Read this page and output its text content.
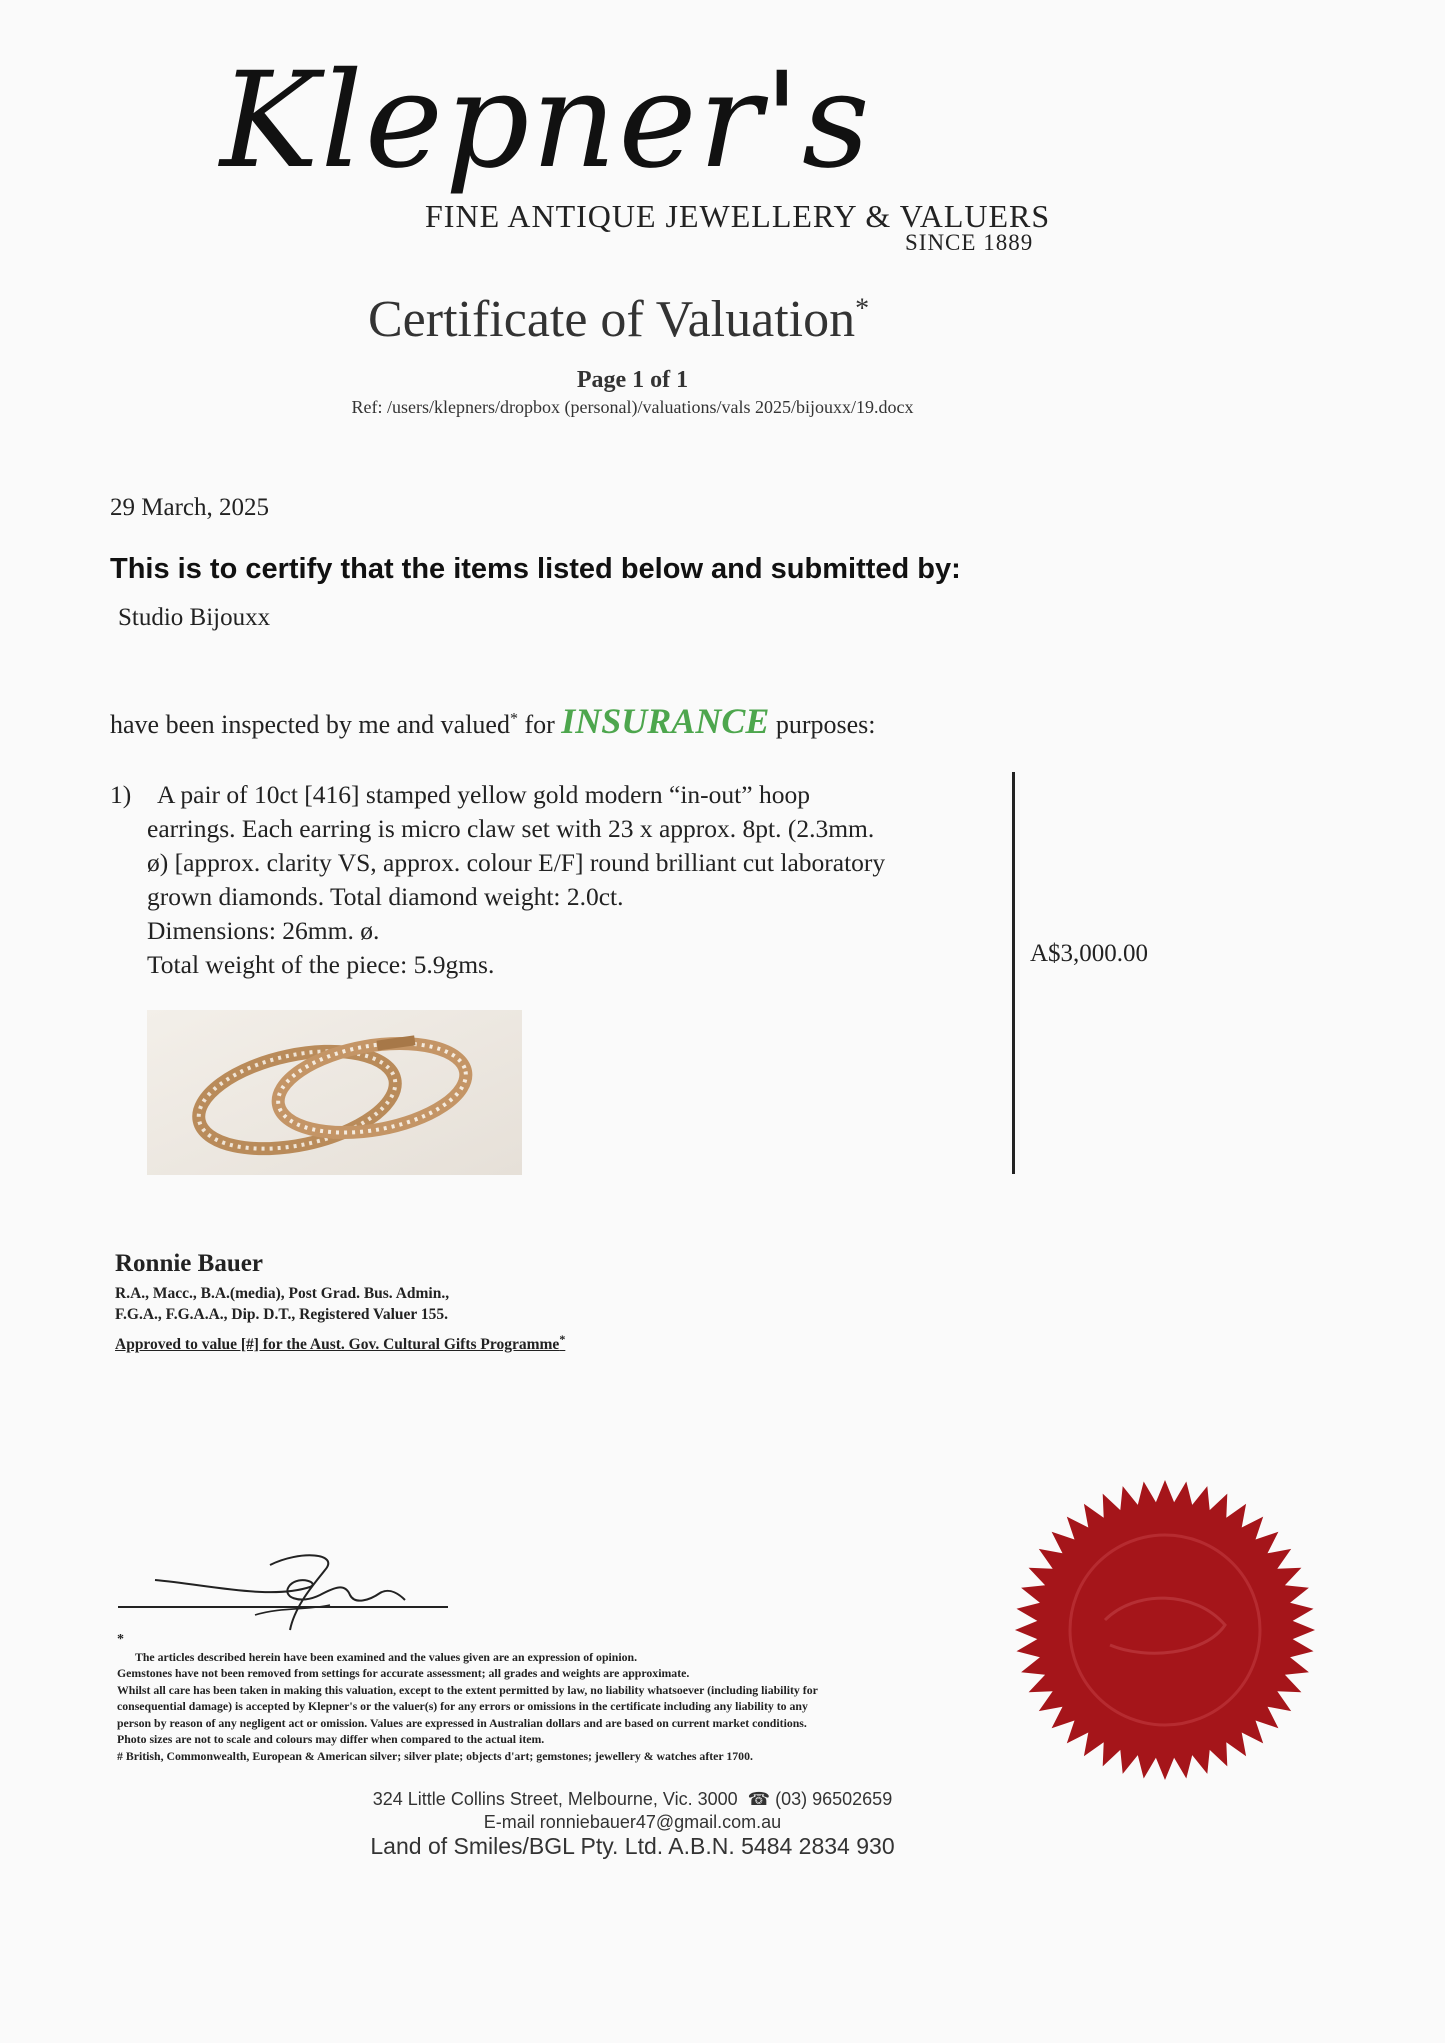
Klepner's
FINE ANTIQUE JEWELLERY & VALUERS
SINCE 1889
Certificate of Valuation*
Page 1 of 1
Ref: /users/klepners/dropbox (personal)/valuations/vals 2025/bijouxx/19.docx
29 March, 2025
This is to certify that the items listed below and submitted by:
Studio Bijouxx
have been inspected by me and valued* for INSURANCE purposes:
1)	A pair of 10ct [416] stamped yellow gold modern “in-out” hoop
earrings. Each earring is micro claw set with 23 x approx. 8pt. (2.3mm.
ø) [approx. clarity VS, approx. colour E/F] round brilliant cut laboratory
grown diamonds. Total diamond weight: 2.0ct.
Dimensions: 26mm. ø.
Total weight of the piece: 5.9gms.	A$3,000.00
Ronnie Bauer
R.A., Macc., B.A.(media), Post Grad. Bus. Admin.,
F.G.A., F.G.A.A., Dip. D.T., Registered Valuer 155.
Approved to value [#] for the Aust. Gov. Cultural Gifts Programme*
*
The articles described herein have been examined and the values given are an expression of opinion.
Gemstones have not been removed from settings for accurate assessment; all grades and weights are approximate.
Whilst all care has been taken in making this valuation, except to the extent permitted by law, no liability whatsoever (including liability for
consequential damage) is accepted by Klepner's or the valuer(s) for any errors or omissions in the certificate including any liability to any
person by reason of any negligent act or omission. Values are expressed in Australian dollars and are based on current market conditions.
Photo sizes are not to scale and colours may differ when compared to the actual item.
# British, Commonwealth, European & American silver; silver plate; objects d'art; gemstones; jewellery & watches after 1700.
324 Little Collins Street, Melbourne, Vic. 3000  ☎ (03) 96502659
E-mail ronniebauer47@gmail.com.au
Land of Smiles/BGL Pty. Ltd. A.B.N. 5484 2834 930
